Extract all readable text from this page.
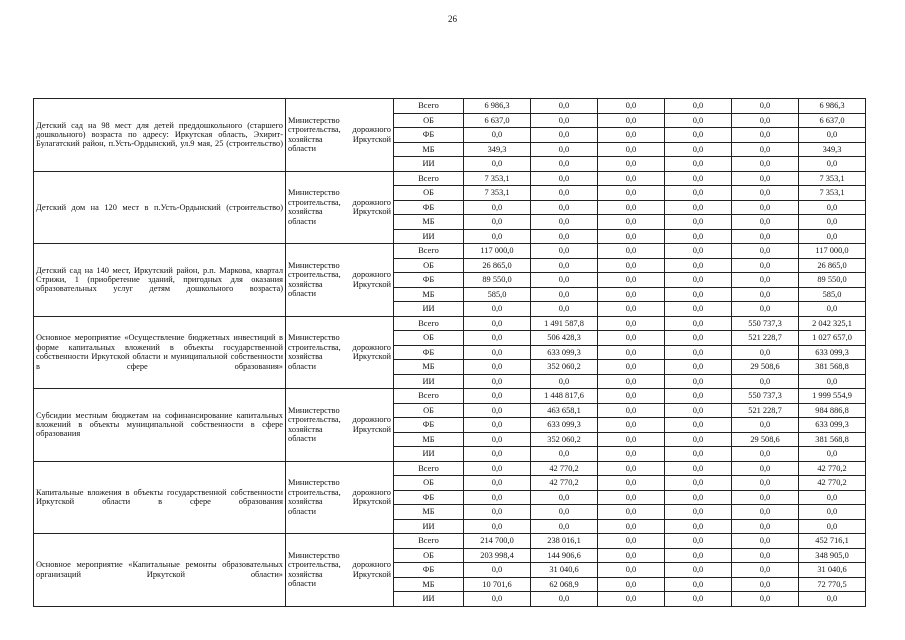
26
Детский сад на 98 мест для детей преддошкольного (старшего дошкольного) возраста по адресу: Иркутская область, Эхирит-Булагатский район, п.Усть-Ордынский, ул.9 мая, 25 (строительство)	Министерство строительства, дорожного хозяйства Иркутской области	Всего	6 986,3	0,0	0,0	0,0	0,0	6 986,3
		ОБ	6 637,0	0,0	0,0	0,0	0,0	6 637,0
		ФБ	0,0	0,0	0,0	0,0	0,0	0,0
		МБ	349,3	0,0	0,0	0,0	0,0	349,3
		ИИ	0,0	0,0	0,0	0,0	0,0	0,0
Детский дом на 120 мест в п.Усть-Ордынский (строительство)	Министерство строительства, дорожного хозяйства Иркутской области	Всего	7 353,1	0,0	0,0	0,0	0,0	7 353,1
		ОБ	7 353,1	0,0	0,0	0,0	0,0	7 353,1
		ФБ	0,0	0,0	0,0	0,0	0,0	0,0
		МБ	0,0	0,0	0,0	0,0	0,0	0,0
		ИИ	0,0	0,0	0,0	0,0	0,0	0,0
Детский сад на 140 мест, Иркутский район, р.п. Маркова, квартал Стрижи, 1 (приобретение зданий, пригодных для оказания образовательных услуг детям дошкольного возраста)	Министерство строительства, дорожного хозяйства Иркутской области	Всего	117 000,0	0,0	0,0	0,0	0,0	117 000,0
		ОБ	26 865,0	0,0	0,0	0,0	0,0	26 865,0
		ФБ	89 550,0	0,0	0,0	0,0	0,0	89 550,0
		МБ	585,0	0,0	0,0	0,0	0,0	585,0
		ИИ	0,0	0,0	0,0	0,0	0,0	0,0
Основное мероприятие «Осуществление бюджетных инвестиций в форме капитальных вложений в объекты государственной собственности Иркутской области и муниципальной собственности в сфере образования»	Министерство строительства, дорожного хозяйства Иркутской области	Всего	0,0	1 491 587,8	0,0	0,0	550 737,3	2 042 325,1
		ОБ	0,0	506 428,3	0,0	0,0	521 228,7	1 027 657,0
		ФБ	0,0	633 099,3	0,0	0,0	0,0	633 099,3
		МБ	0,0	352 060,2	0,0	0,0	29 508,6	381 568,8
		ИИ	0,0	0,0	0,0	0,0	0,0	0,0
Субсидии местным бюджетам на софинансирование капитальных вложений в объекты муниципальной собственности в сфере образования	Министерство строительства, дорожного хозяйства Иркутской области	Всего	0,0	1 448 817,6	0,0	0,0	550 737,3	1 999 554,9
		ОБ	0,0	463 658,1	0,0	0,0	521 228,7	984 886,8
		ФБ	0,0	633 099,3	0,0	0,0	0,0	633 099,3
		МБ	0,0	352 060,2	0,0	0,0	29 508,6	381 568,8
		ИИ	0,0	0,0	0,0	0,0	0,0	0,0
Капитальные вложения в объекты государственной собственности Иркутской области в сфере образования	Министерство строительства, дорожного хозяйства Иркутской области	Всего	0,0	42 770,2	0,0	0,0	0,0	42 770,2
		ОБ	0,0	42 770,2	0,0	0,0	0,0	42 770,2
		ФБ	0,0	0,0	0,0	0,0	0,0	0,0
		МБ	0,0	0,0	0,0	0,0	0,0	0,0
		ИИ	0,0	0,0	0,0	0,0	0,0	0,0
Основное мероприятие «Капитальные ремонты образовательных организаций Иркутской области»	Министерство строительства, дорожного хозяйства Иркутской области	Всего	214 700,0	238 016,1	0,0	0,0	0,0	452 716,1
		ОБ	203 998,4	144 906,6	0,0	0,0	0,0	348 905,0
		ФБ	0,0	31 040,6	0,0	0,0	0,0	31 040,6
		МБ	10 701,6	62 068,9	0,0	0,0	0,0	72 770,5
		ИИ	0,0	0,0	0,0	0,0	0,0	0,0
